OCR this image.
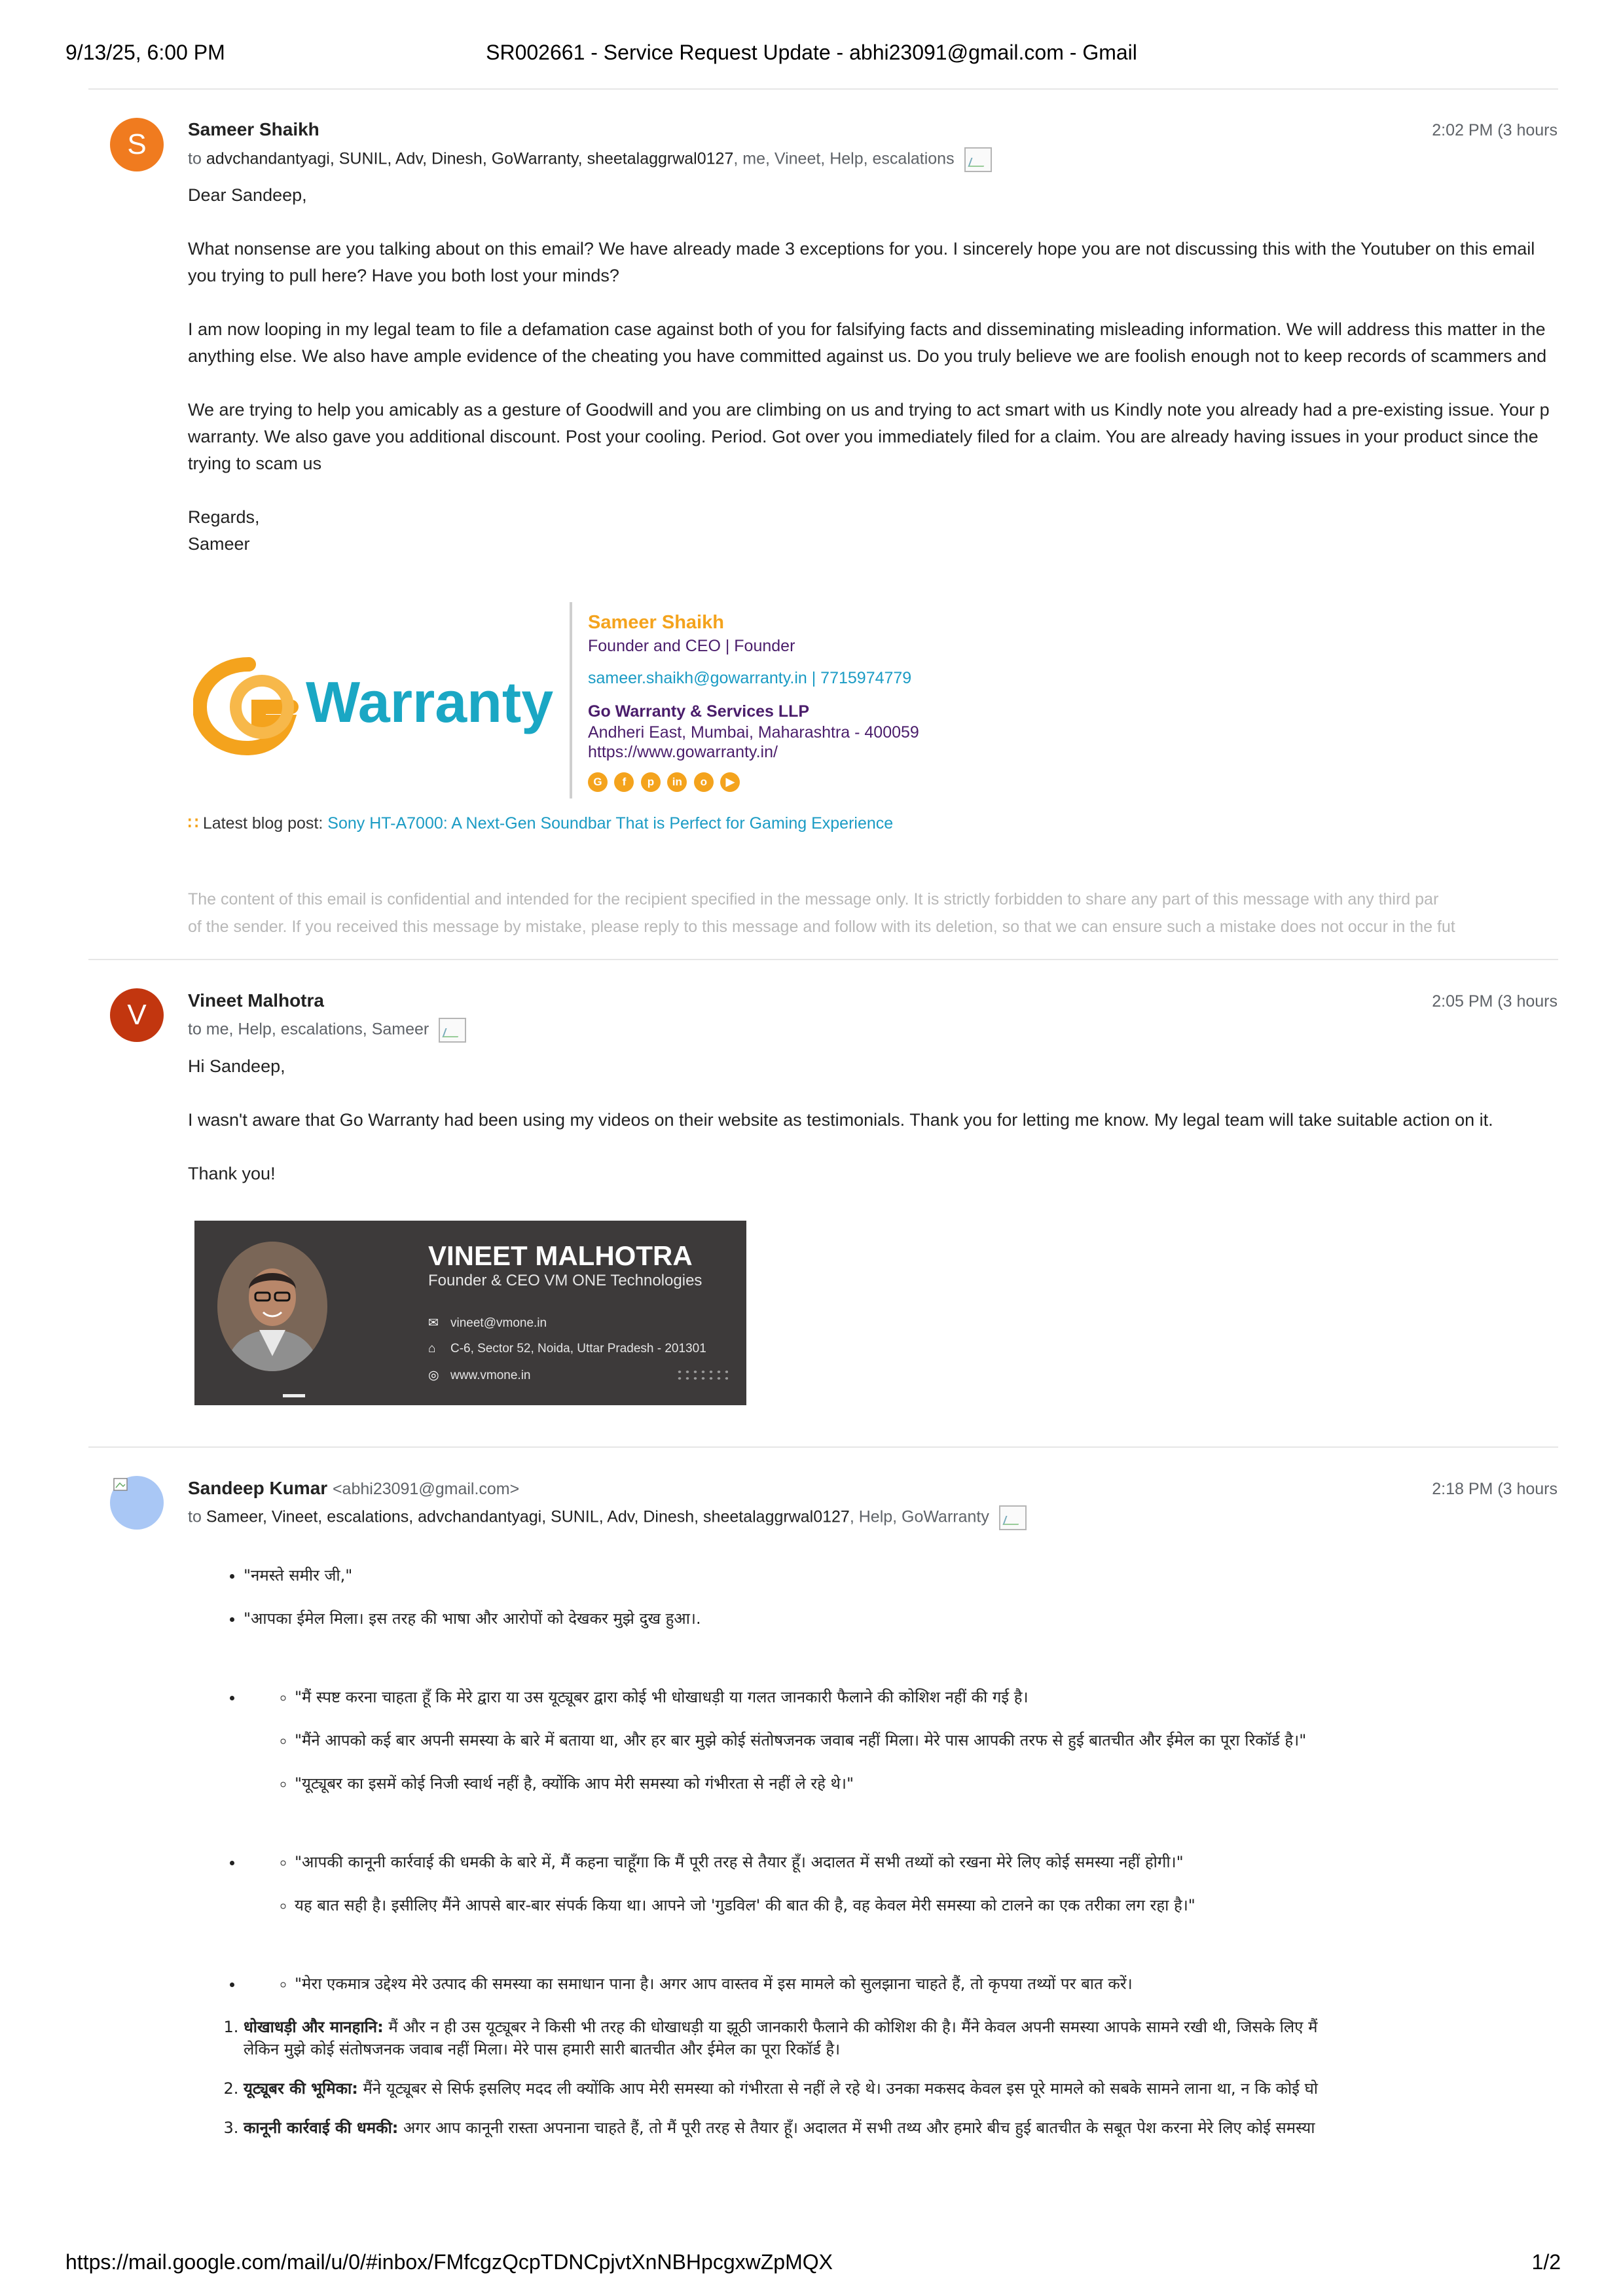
9/13/25, 6:00 PM	SR002661 - Service Request Update - abhi23091@gmail.com - Gmail
S	Sameer Shaikh	2:02 PM (3 hours
to advchandantyagi, SUNIL, Adv, Dinesh, GoWarranty, sheetalaggrwal0127, me, Vineet, Help, escalations

Dear Sandeep,

What nonsense are you talking about on this email? We have already made 3 exceptions for you. I sincerely hope you are not discussing this with the Youtuber on this email

you trying to pull here? Have you both lost your minds?

I am now looping in my legal team to file a defamation case against both of you for falsifying facts and disseminating misleading information. We will address this matter in the

anything else. We also have ample evidence of the cheating you have committed against us. Do you truly believe we are foolish enough not to keep records of scammers and

We are trying to help you amicably as a gesture of Goodwill and you are climbing on us and trying to act smart with us Kindly note you already had a pre-existing issue. Your p
warranty. We also gave you additional discount. Post your cooling. Period. Got over you immediately filed for a claim. You are already having issues in your product since the

trying to scam us

Regards,
Sameer
Warranty
Sameer Shaikh
Founder and CEO | Founder
sameer.shaikh@gowarranty.in | 7715974779
Go Warranty & Services LLP
Andheri East, Mumbai, Maharashtra - 400059
https://www.gowarranty.in/
G f p in o ▶
∷ Latest blog post: Sony HT-A7000: A Next-Gen Soundbar That is Perfect for Gaming Experience
The content of this email is confidential and intended for the recipient specified in the message only. It is strictly forbidden to share any part of this message with any third par
of the sender. If you received this message by mistake, please reply to this message and follow with its deletion, so that we can ensure such a mistake does not occur in the fut
V	Vineet Malhotra	2:05 PM (3 hours
to me, Help, escalations, Sameer

Hi Sandeep,

I wasn't aware that Go Warranty had been using my videos on their website as testimonials. Thank you for letting me know. My legal team will take suitable action on it.

Thank you!

VINEET MALHOTRA
Founder & CEO VM ONE Technologies
✉ vineet@vmone.in
⌂ C-6, Sector 52, Noida, Uttar Pradesh - 201301
◎ www.vmone.in
Sandeep Kumar <abhi23091@gmail.com>	2:18 PM (3 hours
to Sameer, Vineet, escalations, advchandantyagi, SUNIL, Adv, Dinesh, sheetalaggrwal0127, Help, GoWarranty
• "नमस्ते समीर जी,"
• "आपका ईमेल मिला। इस तरह की भाषा और आरोपों को देखकर मुझे दुख हुआ।.
◦ • "मैं स्पष्ट करना चाहता हूँ कि मेरे द्वारा या उस यूट्यूबर द्वारा कोई भी धोखाधड़ी या गलत जानकारी फैलाने की कोशिश नहीं की गई है।
◦ "मैंने आपको कई बार अपनी समस्या के बारे में बताया था, और हर बार मुझे कोई संतोषजनक जवाब नहीं मिला। मेरे पास आपकी तरफ से हुई बातचीत और ईमेल का पूरा रिकॉर्ड है।"
◦ "यूट्यूबर का इसमें कोई निजी स्वार्थ नहीं है, क्योंकि आप मेरी समस्या को गंभीरता से नहीं ले रहे थे।"
◦ • "आपकी कानूनी कार्रवाई की धमकी के बारे में, मैं कहना चाहूँगा कि मैं पूरी तरह से तैयार हूँ। अदालत में सभी तथ्यों को रखना मेरे लिए कोई समस्या नहीं होगी।"
◦ यह बात सही है। इसीलिए मैंने आपसे बार-बार संपर्क किया था। आपने जो 'गुडविल' की बात की है, वह केवल मेरी समस्या को टालने का एक तरीका लग रहा है।"
◦ • "मेरा एकमात्र उद्देश्य मेरे उत्पाद की समस्या का समाधान पाना है। अगर आप वास्तव में इस मामले को सुलझाना चाहते हैं, तो कृपया तथ्यों पर बात करें।
1. धोखाधड़ी और मानहानि: मैं और न ही उस यूट्यूबर ने किसी भी तरह की धोखाधड़ी या झूठी जानकारी फैलाने की कोशिश की है। मैंने केवल अपनी समस्या आपके सामने रखी थी, जिसके लिए मैं
लेकिन मुझे कोई संतोषजनक जवाब नहीं मिला। मेरे पास हमारी सारी बातचीत और ईमेल का पूरा रिकॉर्ड है।
2. यूट्यूबर की भूमिका: मैंने यूट्यूबर से सिर्फ इसलिए मदद ली क्योंकि आप मेरी समस्या को गंभीरता से नहीं ले रहे थे। उनका मकसद केवल इस पूरे मामले को सबके सामने लाना था, न कि कोई घो
3. कानूनी कार्रवाई की धमकी: अगर आप कानूनी रास्ता अपनाना चाहते हैं, तो मैं पूरी तरह से तैयार हूँ। अदालत में सभी तथ्य और हमारे बीच हुई बातचीत के सबूत पेश करना मेरे लिए कोई समस्या
https://mail.google.com/mail/u/0/#inbox/FMfcgzQcpTDNCpjvtXnNBHpcgxwZpMQX	1/2
